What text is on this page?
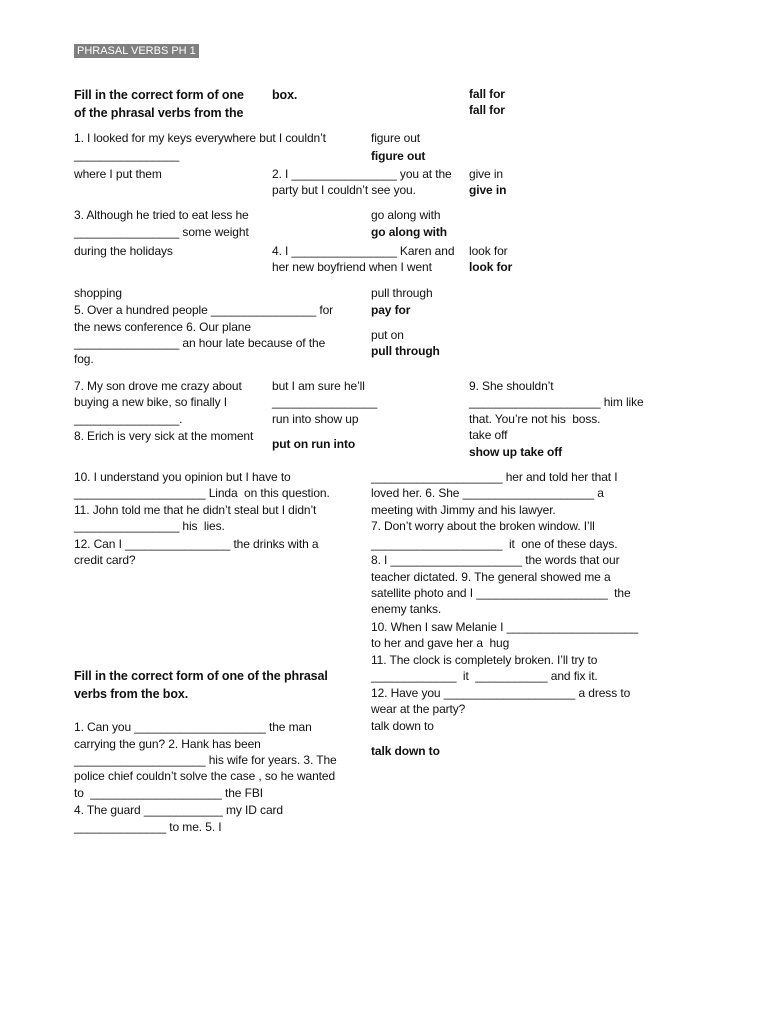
PHRASAL VERBS PH 1
Fill in the correct form of one box.
of the phrasal verbs from the
fall for
fall for
1. I looked for my keys everywhere but I couldn’t
________________
where I put them
3. Although he tried to eat less he
________________ some weight
during the holidays
shopping
5. Over a hundred people ________________ for
the news conference 6. Our plane
________________ an hour late because of the
fog.
7. My son drove me crazy about
buying a new bike, so finally I
________________.
8. Erich is very sick at the moment
10. I understand you opinion but I have to
____________________ Linda  on this question.
11. John told me that he didn’t steal but I didn’t
________________ his  lies.
12. Can I ________________ the drinks with a
credit card?
2. I ________________ you at the
party but I couldn’t see you.
4. I ________________ Karen and
her new boyfriend when I went
but I am sure he’ll
________________
run into show up
put on run into
figure out
figure out
give in
give in
go along with
go along with
look for
look for
pull through
pay for
put on
pull through
9. She shouldn’t
____________________ him like
that. You’re not his  boss.
take off
show up take off
____________________ her and told her that I
loved her. 6. She ____________________ a
meeting with Jimmy and his lawyer.
7. Don’t worry about the broken window. I’ll
____________________  it  one of these days.
8. I ____________________ the words that our
teacher dictated. 9. The general showed me a
satellite photo and I ____________________  the
enemy tanks.
10. When I saw Melanie I ____________________
to her and gave her a  hug
11. The clock is completely broken. I’ll try to
_____________  it  ___________ and fix it.
12. Have you ____________________ a dress to
wear at the party?
talk down to
talk down to
Fill in the correct form of one of the phrasal
verbs from the box.
1. Can you ____________________ the man
carrying the gun? 2. Hank has been
____________________ his wife for years. 3. The
police chief couldn’t solve the case , so he wanted
to  ____________________ the FBI
4. The guard ____________ my ID card
______________ to me. 5. I
